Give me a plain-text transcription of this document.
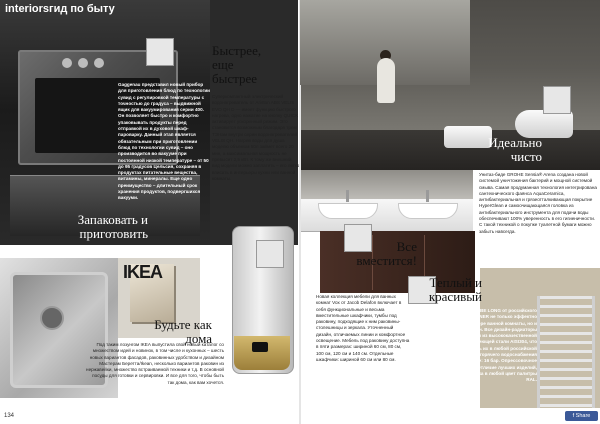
interiorsгид по быту
Gaggenau представил новый прибор для приготовления блюд по технологии сувид с регулировкой температуры с точностью до градуса – выдвижной ящик для вакуумирования серии 400. Он позволяет быстро и комфортно упаковывать продукты перед отправкой их в духовой шкаф-пароварку. Данный этап является обязательным при приготовлении блюд по технологии сувид – оно производится во вакууме при постоянной низкой температуре – от 50 до 95 градусов Цельсия, сохраняя в продуктах питательные вещества, витамины, минералы. Еще одно преимущество – длительный срок хранения продуктов, подвергшихся вакууми.
Запаковать и приготовить
Быстрее, еще быстрее
Суперкомпактный электрический водонагреватель от Ariston ABS VELIS EVO QH D — имеет функцию быстрого нагрева, одно нажатие на кнопку QUICK активирует ускоренный режим. Это становится возможным благодаря трем ТЭНам внутри серии водонагревателей VELIS QH. Нагрев воды для душа моделю объемом 50л займет всего 20 мин, а максимальная мощность не превысит 2,5 кВт. К тому же внешний вид модели можно заплатить – его легко вписать в интерьеры кухни или ванной комнаты.
IKEA
Будьте как дома
Под таким лозунгом IKEA выпустила свой новый каталог со множеством идей и новинок, в том числе и кухонных – шесть новых вариантов фасадов, раковинных удобством и дизайном Мастерам Беретта/Ikean, несколько вариантов раковин из нержавейки, множество встраиваемой техники и т.д. В основной посуды для готовки и сервировки. И все для того, чтобы быть так дома, как вам хочется.
134
Идеально чисто
Унитаз-биде GROHE Sensia® Arena создана новой системой уничтожения бактерий и мощной системой смыва. Самая продуманная технология интегрирована сантехнического фаянса AquaCeramica, антибактериальная и грязеотталкивающая покрытие HyperGlean и самоочищающаяся головка из антибактериального инструмента для подачи воды обеспечивают 100% уверенность в его гигиеничности. С такой техникой о покупке туалетной бумаги можно забыть навсегда.
Все вместится!
Новая коллекция мебели для ванных комнат Vox от Jacob Delafon включает в себя функциональные и весьма вместительные шкафчики, тумбы под раковину, подходящие к ним раковины-столешницы и зеркала. Уточненный дизайн, отличаемых линии и комфортное освещение. Мебель под раковину доступна в пяти размерах: шириной 60 см, 80 см, 100 см, 120 см и 140 см. Отдельные шкафчики: шириной 60 см или 80 см.
Теплый и красивый
Полотенцесушитель CUBE LONG от российского производителя BRONER не только эффектно смотрится в интерьере ванной комнаты, но и чрезвычайно эффективен. Все дизайн-радиаторы BRONER изготовлены из высококачественной итальянской нержавеющей стали AISI304, что позволяет использовать их в любой российской системе отопления и горячего водоснабжения (ГВС). Рабочее давление: 16 бар. Опрессовочное давление: 24 бар. Отличие лучших изделий, фактура "satin" или окраска в любой цвет палитры RAL.
f Share
